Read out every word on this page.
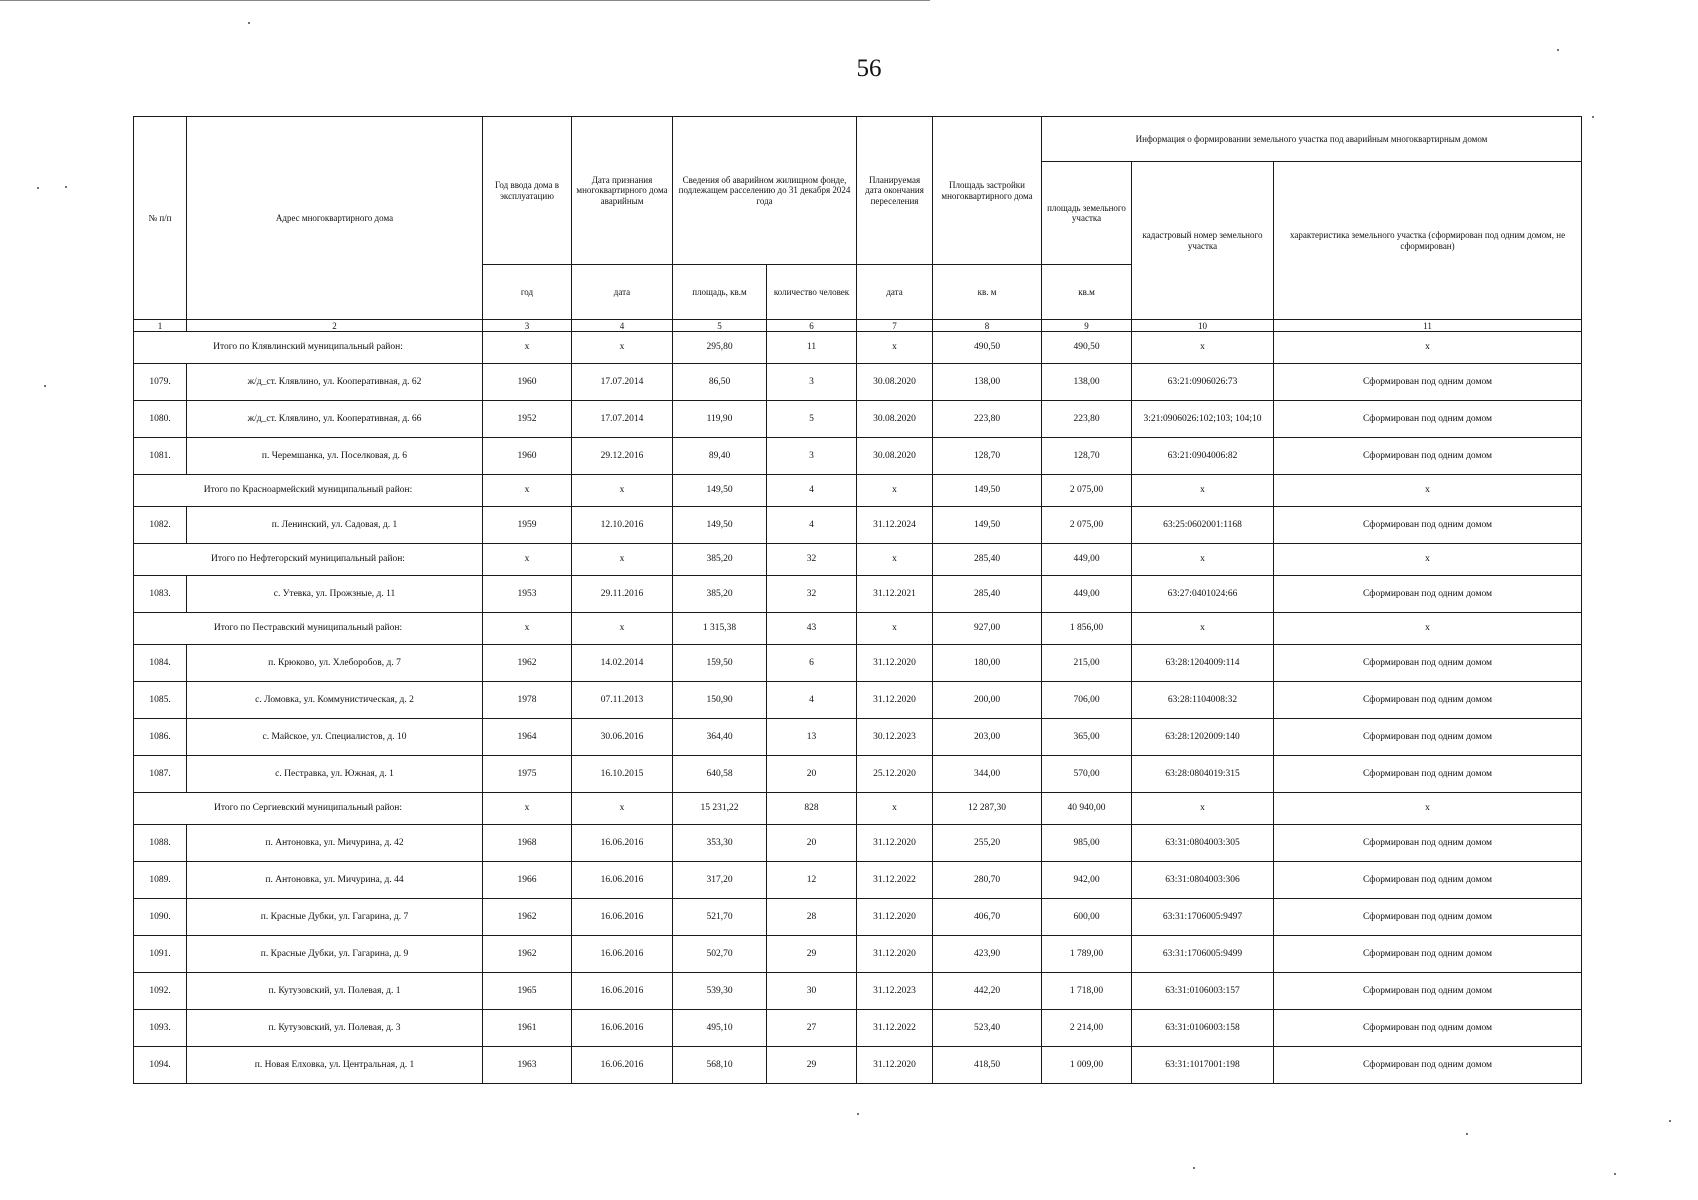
56
№ п/п	Адрес многоквартирного дома	Год ввода дома в эксплуатацию	Дата признания многоквартирного дома аварийным	Сведения об аварийном жилищном фонде, подлежащем расселению до 31 декабря 2024 года		Планируемая дата окончания переселения	Площадь застройки многоквартирного дома	Информация о формировании земельного участка под аварийным многоквартирным домом		
								площадь земельного участка	кадастровый номер земельного участка	характеристика земельного участка (сформирован под одним домом, не сформирован)
		год	дата	площадь, кв.м	количество человек	дата	кв. м	кв.м		
1	2	3	4	5	6	7	8	9	10	11
Итого по Клявлинский муниципальный район:		х	х	295,80	11	х	490,50	490,50	х	х
1079.	ж/д_ст. Клявлино, ул. Кооперативная, д. 62	1960	17.07.2014	86,50	3	30.08.2020	138,00	138,00	63:21:0906026:73	Сформирован под одним домом
1080.	ж/д_ст. Клявлино, ул. Кооперативная, д. 66	1952	17.07.2014	119,90	5	30.08.2020	223,80	223,80	3:21:0906026:102;103; 104;10	Сформирован под одним домом
1081.	п. Черемшанка, ул. Поселковая, д. 6	1960	29.12.2016	89,40	3	30.08.2020	128,70	128,70	63:21:0904006:82	Сформирован под одним домом
Итого по Красноармейский муниципальный район:		х	х	149,50	4	х	149,50	2 075,00	х	х
1082.	п. Ленинский, ул. Садовая, д. 1	1959	12.10.2016	149,50	4	31.12.2024	149,50	2 075,00	63:25:0602001:1168	Сформирован под одним домом
Итого по Нефтегорский муниципальный район:		х	х	385,20	32	х	285,40	449,00	х	х
1083.	с. Утевка, ул. Прожзные, д. 11	1953	29.11.2016	385,20	32	31.12.2021	285,40	449,00	63:27:0401024:66	Сформирован под одним домом
Итого по Пестравский муниципальный район:		х	х	1 315,38	43	х	927,00	1 856,00	х	х
1084.	п. Крюково, ул. Хлеборобов, д. 7	1962	14.02.2014	159,50	6	31.12.2020	180,00	215,00	63:28:1204009:114	Сформирован под одним домом
1085.	с. Ломовка, ул. Коммунистическая, д. 2	1978	07.11.2013	150,90	4	31.12.2020	200,00	706,00	63:28:1104008:32	Сформирован под одним домом
1086.	с. Майское, ул. Специалистов, д. 10	1964	30.06.2016	364,40	13	30.12.2023	203,00	365,00	63:28:1202009:140	Сформирован под одним домом
1087.	с. Пестравка, ул. Южная, д. 1	1975	16.10.2015	640,58	20	25.12.2020	344,00	570,00	63:28:0804019:315	Сформирован под одним домом
Итого по Сергиевский муниципальный район:		х	х	15 231,22	828	х	12 287,30	40 940,00	х	х
1088.	п. Антоновка, ул. Мичурина, д. 42	1968	16.06.2016	353,30	20	31.12.2020	255,20	985,00	63:31:0804003:305	Сформирован под одним домом
1089.	п. Антоновка, ул. Мичурина, д. 44	1966	16.06.2016	317,20	12	31.12.2022	280,70	942,00	63:31:0804003:306	Сформирован под одним домом
1090.	п. Красные Дубки, ул. Гагарина, д. 7	1962	16.06.2016	521,70	28	31.12.2020	406,70	600,00	63:31:1706005:9497	Сформирован под одним домом
1091.	п. Красные Дубки, ул. Гагарина, д. 9	1962	16.06.2016	502,70	29	31.12.2020	423,90	1 789,00	63:31:1706005:9499	Сформирован под одним домом
1092.	п. Кутузовский, ул. Полевая, д. 1	1965	16.06.2016	539,30	30	31.12.2023	442,20	1 718,00	63:31:0106003:157	Сформирован под одним домом
1093.	п. Кутузовский, ул. Полевая, д. 3	1961	16.06.2016	495,10	27	31.12.2022	523,40	2 214,00	63:31:0106003:158	Сформирован под одним домом
1094.	п. Новая Елховка, ул. Центральная, д. 1	1963	16.06.2016	568,10	29	31.12.2020	418,50	1 009,00	63:31:1017001:198	Сформирован под одним домом
